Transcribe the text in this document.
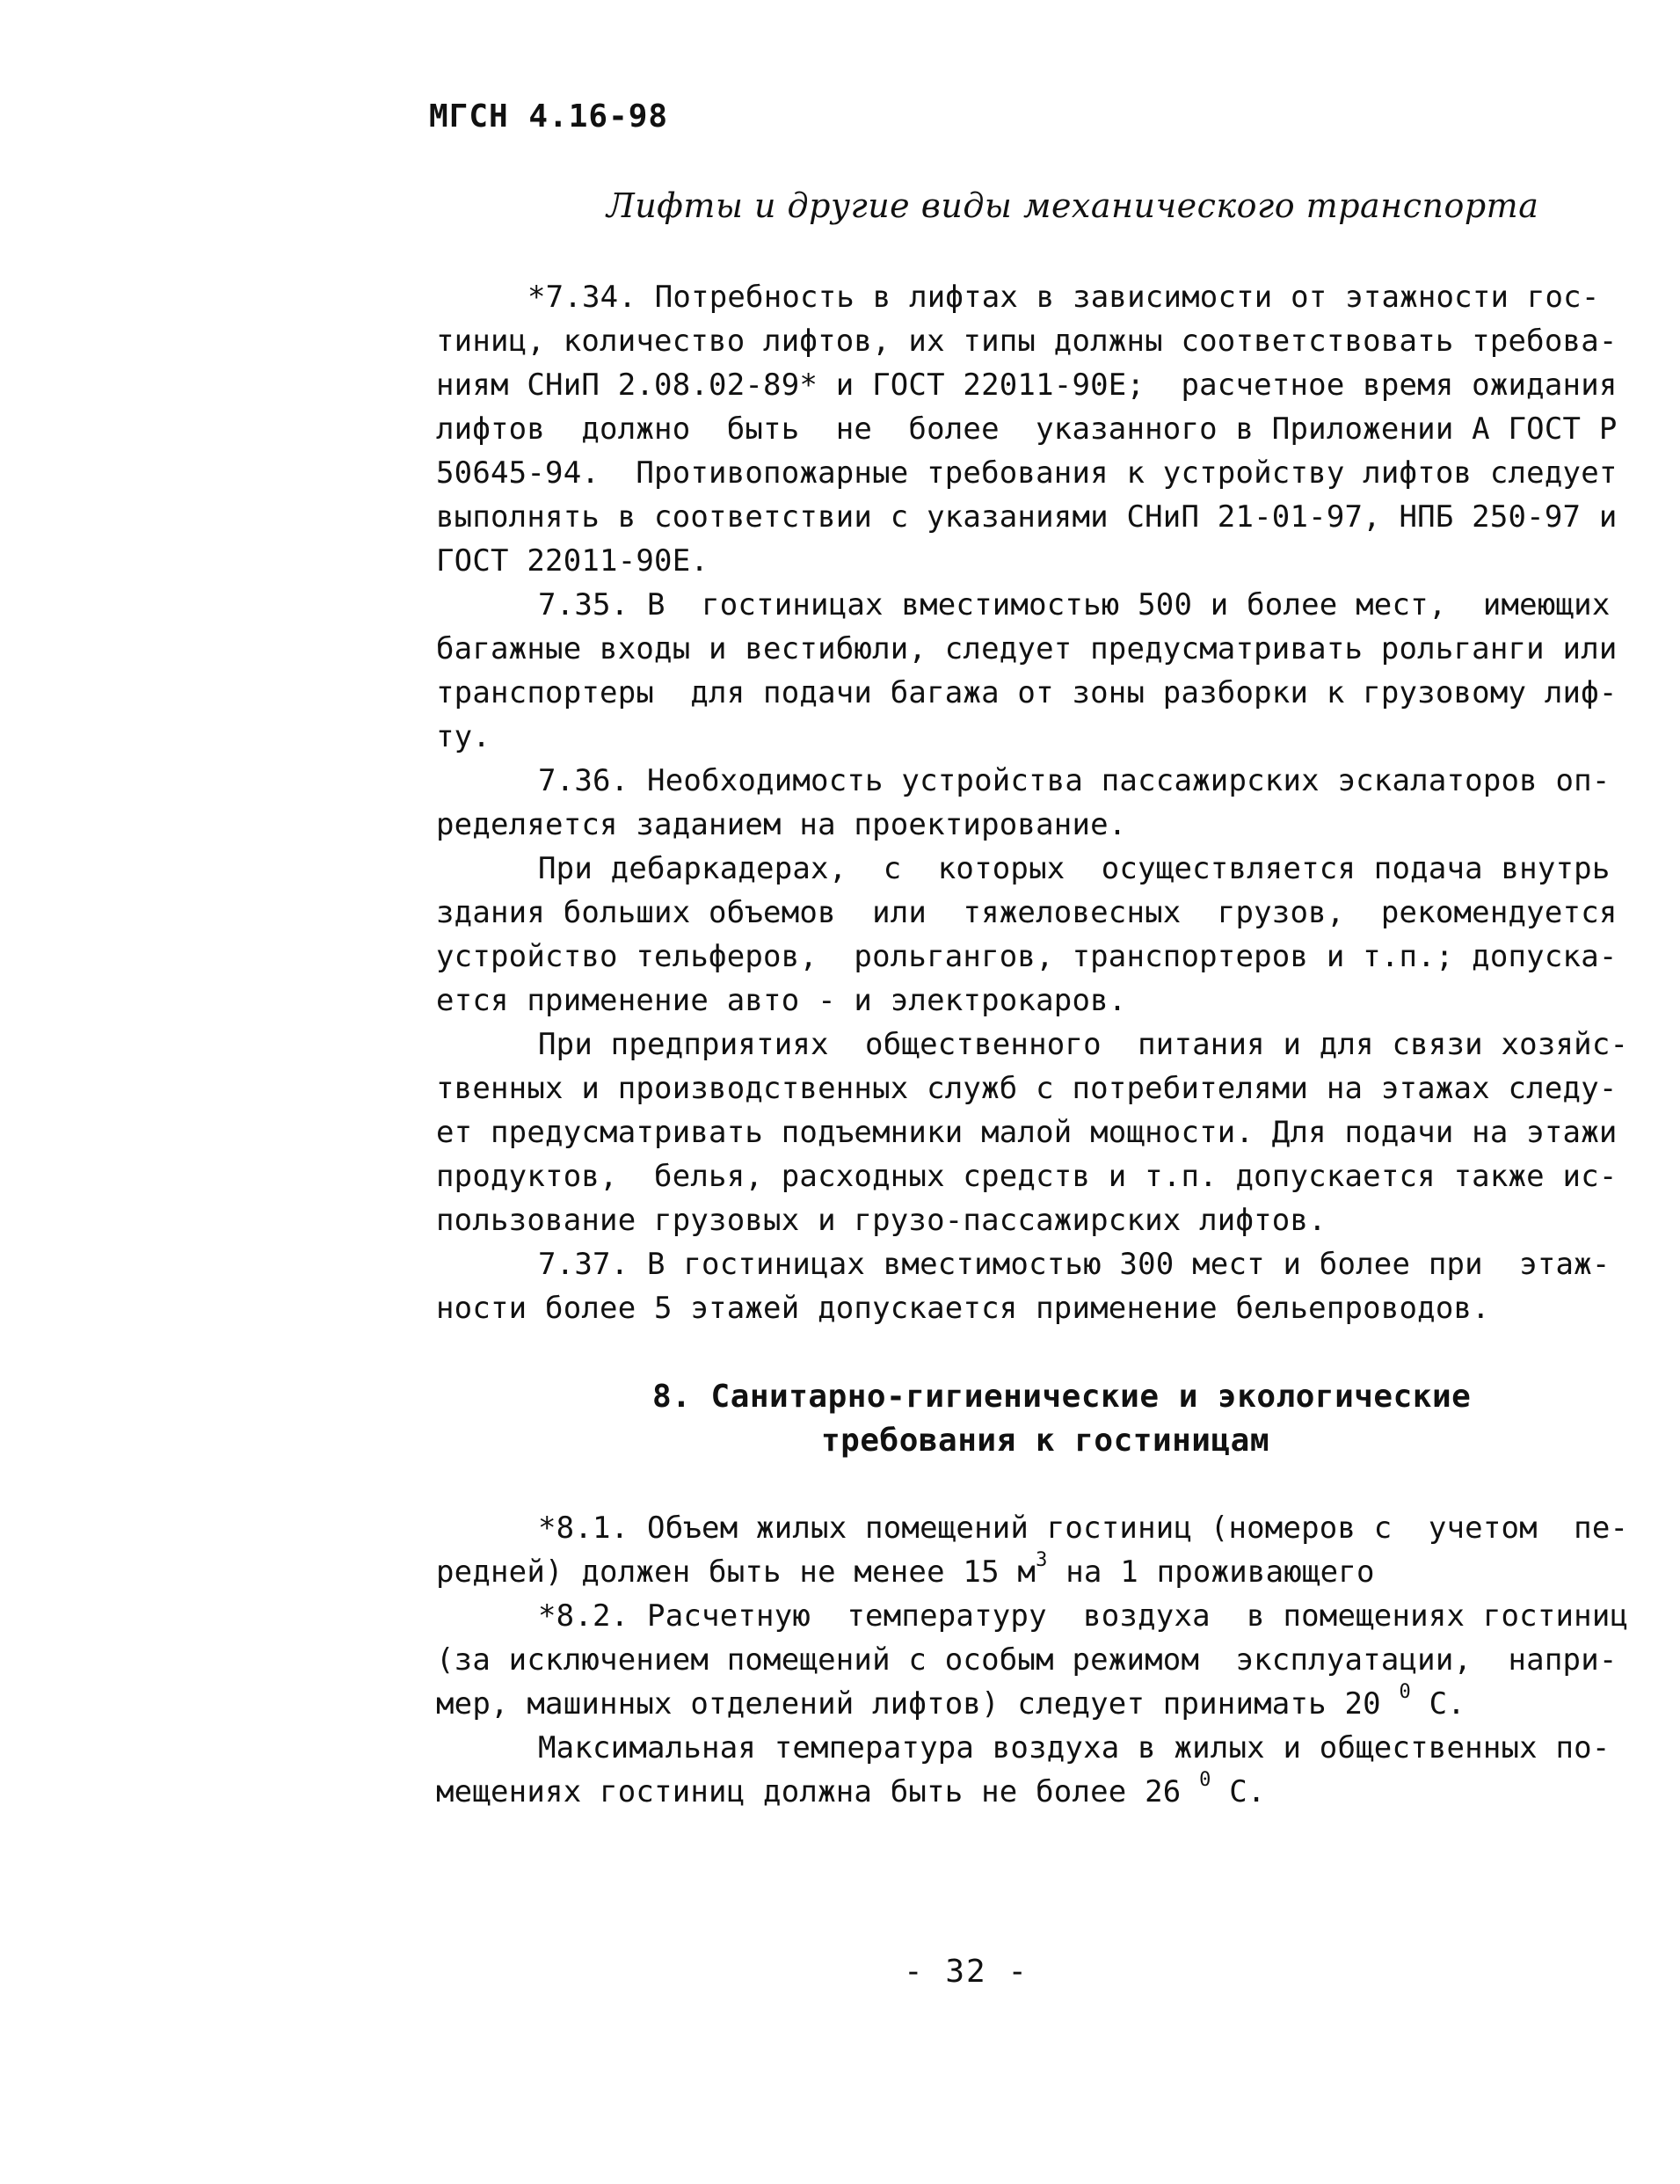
МГСН 4.16-98
Лифты и другие виды механического транспорта
*7.34. Потребность в лифтах в зависимости от этажности гос-
тиниц, количество лифтов, их типы должны соответствовать требова-
ниям СНиП 2.08.02-89* и ГОСТ 22011-90Е;  расчетное время ожидания
лифтов  должно  быть  не  более  указанного в Приложении А ГОСТ Р
50645-94.  Противопожарные требования к устройству лифтов следует
выполнять в соответствии с указаниями СНиП 21-01-97, НПБ 250-97 и
ГОСТ 22011-90Е.
7.35. В  гостиницах вместимостью 500 и более мест,  имеющих
багажные входы и вестибюли, следует предусматривать рольганги или
транспортеры  для подачи багажа от зоны разборки к грузовому лиф-
ту.
7.36. Необходимость устройства пассажирских эскалаторов оп-
ределяется заданием на проектирование.
При дебаркадерах,  с  которых  осуществляется подача внутрь
здания больших объемов  или  тяжеловесных  грузов,  рекомендуется
устройство тельферов,  рольгангов, транспортеров и т.п.; допуска-
ется применение авто - и электрокаров.
При предприятиях  общественного  питания и для связи хозяйс-
твенных и производственных служб с потребителями на этажах следу-
ет предусматривать подъемники малой мощности. Для подачи на этажи
продуктов,  белья, расходных средств и т.п. допускается также ис-
пользование грузовых и грузо-пассажирских лифтов.
7.37. В гостиницах вместимостью 300 мест и более при  этаж-
ности более 5 этажей допускается применение бельепроводов.
8. Санитарно-гигиенические и экологические
требования к гостиницам
*8.1. Объем жилых помещений гостиниц (номеров с  учетом  пе-
редней) должен быть не менее 15 $м^3$ на 1 проживающего
*8.2. Расчетную  температуру  воздуха  в помещениях гостиниц
(за исключением помещений с особым режимом  эксплуатации,  напри-
мер, машинных отделений лифтов) следует принимать 20 $^0$ С.
Максимальная температура воздуха в жилых и общественных по-
мещениях гостиниц должна быть не более 26 $^0$ С.
- 32 -
